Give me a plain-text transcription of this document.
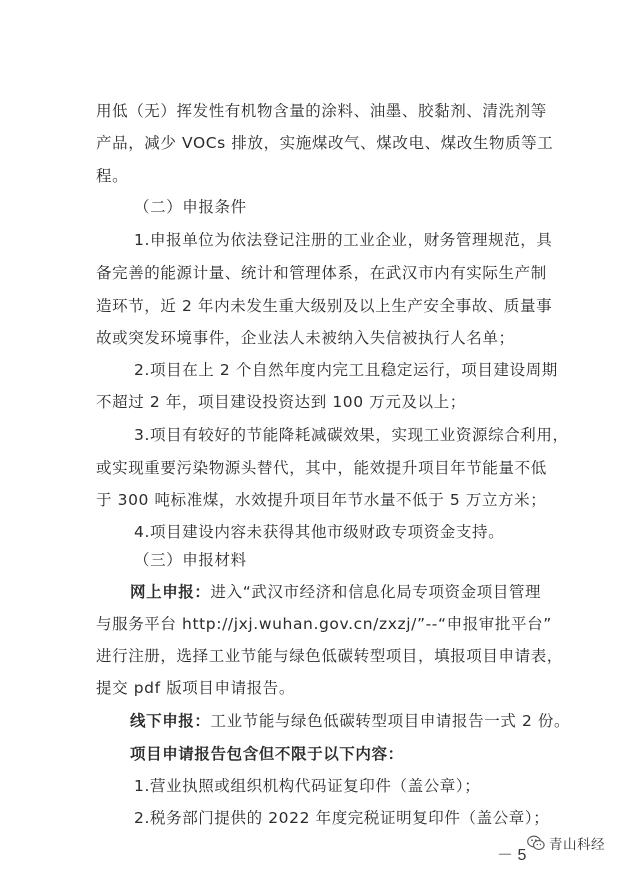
用低（无）挥发性有机物含量的涂料、油墨、胶黏剂、清洗剂等
产品，减少 VOCs 排放，实施煤改气、煤改电、煤改生物质等工
程。
（二）申报条件
1.申报单位为依法登记注册的工业企业，财务管理规范，具
备完善的能源计量、统计和管理体系，在武汉市内有实际生产制
造环节，近 2 年内未发生重大级别及以上生产安全事故、质量事
故或突发环境事件，企业法人未被纳入失信被执行人名单；
2.项目在上 2 个自然年度内完工且稳定运行，项目建设周期
不超过 2 年，项目建设投资达到 100 万元及以上；
3.项目有较好的节能降耗减碳效果，实现工业资源综合利用，
或实现重要污染物源头替代，其中，能效提升项目年节能量不低
于 300 吨标准煤，水效提升项目年节水量不低于 5 万立方米；
4.项目建设内容未获得其他市级财政专项资金支持。
（三）申报材料
网上申报：进入“武汉市经济和信息化局专项资金项目管理
与服务平台 http://jxj.wuhan.gov.cn/zxzj/”--“申报审批平台”
进行注册，选择工业节能与绿色低碳转型项目，填报项目申请表，
提交 pdf 版项目申请报告。
线下申报：工业节能与绿色低碳转型项目申请报告一式 2 份。
项目申请报告包含但不限于以下内容：
1.营业执照或组织机构代码证复印件（盖公章）；
2.税务部门提供的 2022 年度完税证明复印件（盖公章）；
－ 5
青山科经
